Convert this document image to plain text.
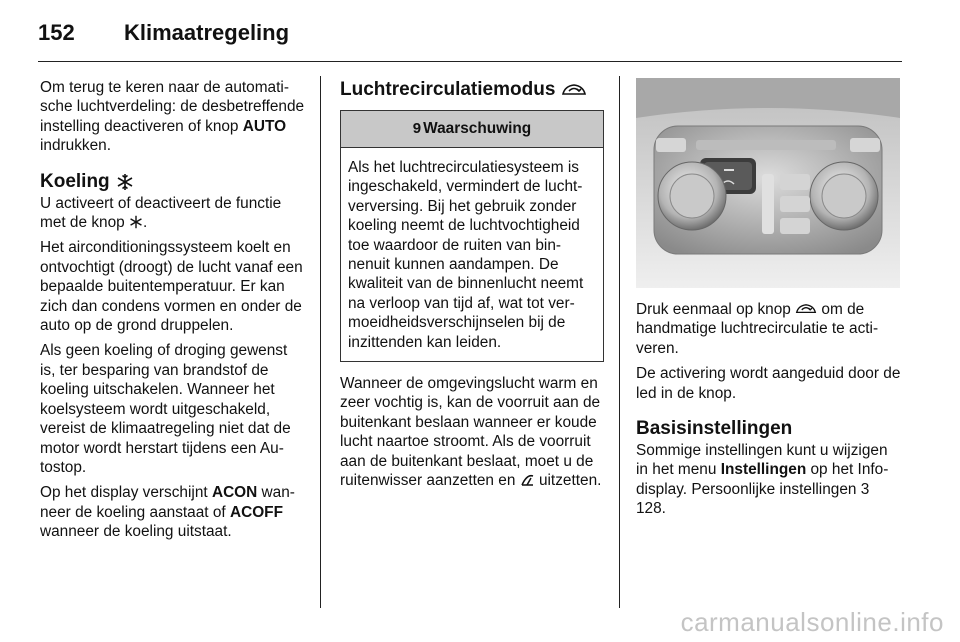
152	Klimaatregeling

Om terug te keren naar de automatische luchtverdeling: de desbetreffende instelling deactiveren of knop AUTO indrukken.

Koeling

U activeert of deactiveert de functie met de knop .

Het airconditioningssysteem koelt en ontvochtigt (droogt) de lucht vanaf een bepaalde buitentemperatuur. Er kan zich dan condens vormen en onder de auto op de grond druppelen.

Als geen koeling of droging gewenst is, ter besparing van brandstof de koeling uitschakelen. Wanneer het koelsysteem wordt uitgeschakeld, vereist de klimaatregeling niet dat de motor wordt herstart tijdens een Autostop.

Op het display verschijnt ACON wanneer de koeling aanstaat of ACOFF wanneer de koeling uitstaat.

Luchtrecirculatiemodus
9 Waarschuwing
Als het luchtrecirculatiesysteem is ingeschakeld, vermindert de luchtverversing. Bij het gebruik zonder koeling neemt de luchtvochtigheid toe waardoor de ruiten van binnenuit kunnen aandampen. De kwaliteit van de binnenlucht neemt na verloop van tijd af, wat tot vermoeidheidsverschijnselen bij de inzittenden kan leiden.

Wanneer de omgevingslucht warm en zeer vochtig is, kan de voorruit aan de buitenkant beslaan wanneer er koude lucht naartoe stroomt. Als de voorruit aan de buitenkant beslaat, moet u de ruitenwisser aanzetten en  uitzetten.

Druk eenmaal op knop  om de handmatige luchtrecirculatie te activeren.

De activering wordt aangeduid door de led in de knop.

Basisinstellingen

Sommige instellingen kunt u wijzigen in het menu Instellingen op het Info-display. Persoonlijke instellingen 3 128.

carmanualsonline.info
